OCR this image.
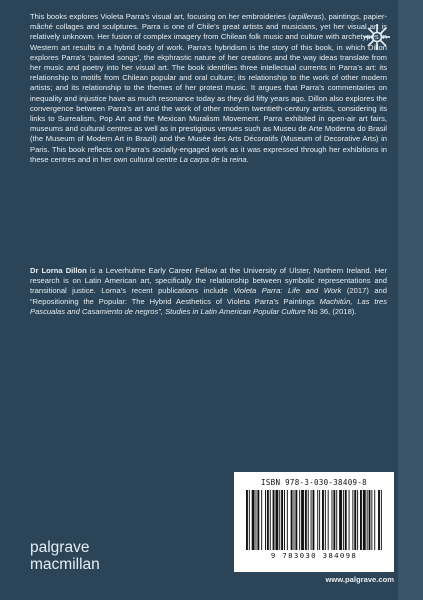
This books explores Violeta Parra’s visual art, focusing on her embroideries (arpilleras), paintings, papier-mâché collages and sculptures. Parra is one of Chile’s great artists and musicians, yet her visual art is relatively unknown. Her fusion of complex imagery from Chilean folk music and culture with archetypes in Western art results in a hybrid body of work. Parra’s hybridism is the story of this book, in which Dillon explores Parra’s ‘painted songs’, the ekphrastic nature of her creations and the way ideas translate from her music and poetry into her visual art. The book identifies three intellectual currents in Parra’s art: its relationship to motifs from Chilean popular and oral culture; its relationship to the work of other modern artists; and its relationship to the themes of her protest music. It argues that Parra’s commentaries on inequality and injustice have as much resonance today as they did fifty years ago. Dillon also explores the convergence between Parra’s art and the work of other modern twentieth-century artists, considering its links to Surrealism, Pop Art and the Mexican Muralism Movement. Parra exhibited in open-air art fairs, museums and cultural centres as well as in prestigious venues such as Museu de Arte Moderna do Brasil (the Museum of Modern Art in Brazil) and the Musée des Arts Décoratifs (Museum of Decorative Arts) in Paris. This book reflects on Parra’s socially-engaged work as it was expressed through her exhibitions in these centres and in her own cultural centre La carpa de la reina.

Dr Lorna Dillon is a Leverhulme Early Career Fellow at the University of Ulster, Northern Ireland. Her research is on Latin American art, specifically the relationship between symbolic representations and transitional justice. Lorna’s recent publications include Violeta Parra: Life and Work (2017) and “Repositioning the Popular: The Hybrid Aesthetics of Violeta Parra’s Paintings Machitún, Las tres Pascualas and Casamiento de negros”, Studies in Latin American Popular Culture No 36, (2018).

ISBN 978-3-030-38409-8
9 783030 384098
www.palgrave.com
palgrave
macmillan
